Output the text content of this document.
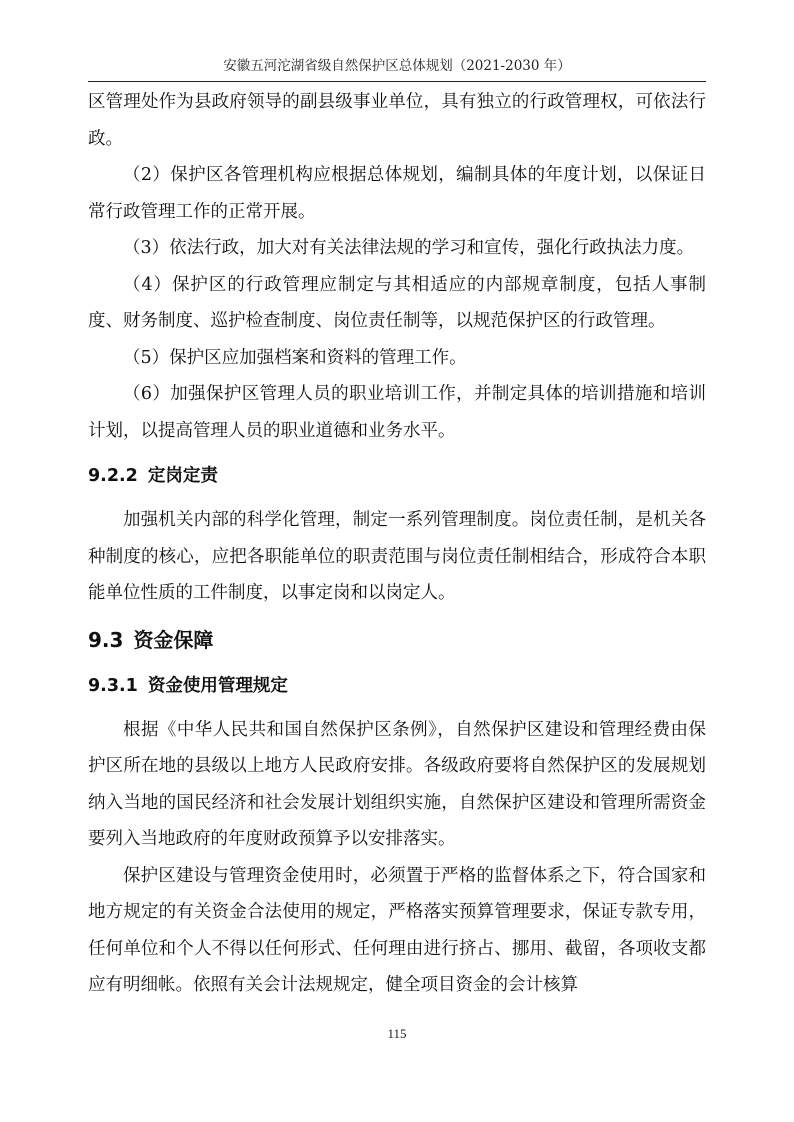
安徽五河沱湖省级自然保护区总体规划（2021-2030 年）

区管理处作为县政府领导的副县级事业单位，具有独立的行政管理权，可依法行政。

（2）保护区各管理机构应根据总体规划，编制具体的年度计划，以保证日常行政管理工作的正常开展。

（3）依法行政，加大对有关法律法规的学习和宣传，强化行政执法力度。

（4）保护区的行政管理应制定与其相适应的内部规章制度，包括人事制度、财务制度、巡护检查制度、岗位责任制等，以规范保护区的行政管理。

（5）保护区应加强档案和资料的管理工作。

（6）加强保护区管理人员的职业培训工作，并制定具体的培训措施和培训计划，以提高管理人员的职业道德和业务水平。

9.2.2 定岗定责

加强机关内部的科学化管理，制定一系列管理制度。岗位责任制，是机关各种制度的核心，应把各职能单位的职责范围与岗位责任制相结合，形成符合本职能单位性质的工件制度，以事定岗和以岗定人。

9.3 资金保障
9.3.1 资金使用管理规定

根据《中华人民共和国自然保护区条例》，自然保护区建设和管理经费由保护区所在地的县级以上地方人民政府安排。各级政府要将自然保护区的发展规划纳入当地的国民经济和社会发展计划组织实施，自然保护区建设和管理所需资金要列入当地政府的年度财政预算予以安排落实。

保护区建设与管理资金使用时，必须置于严格的监督体系之下，符合国家和地方规定的有关资金合法使用的规定，严格落实预算管理要求，保证专款专用，任何单位和个人不得以任何形式、任何理由进行挤占、挪用、截留，各项收支都应有明细帐。依照有关会计法规规定，健全项目资金的会计核算

115
